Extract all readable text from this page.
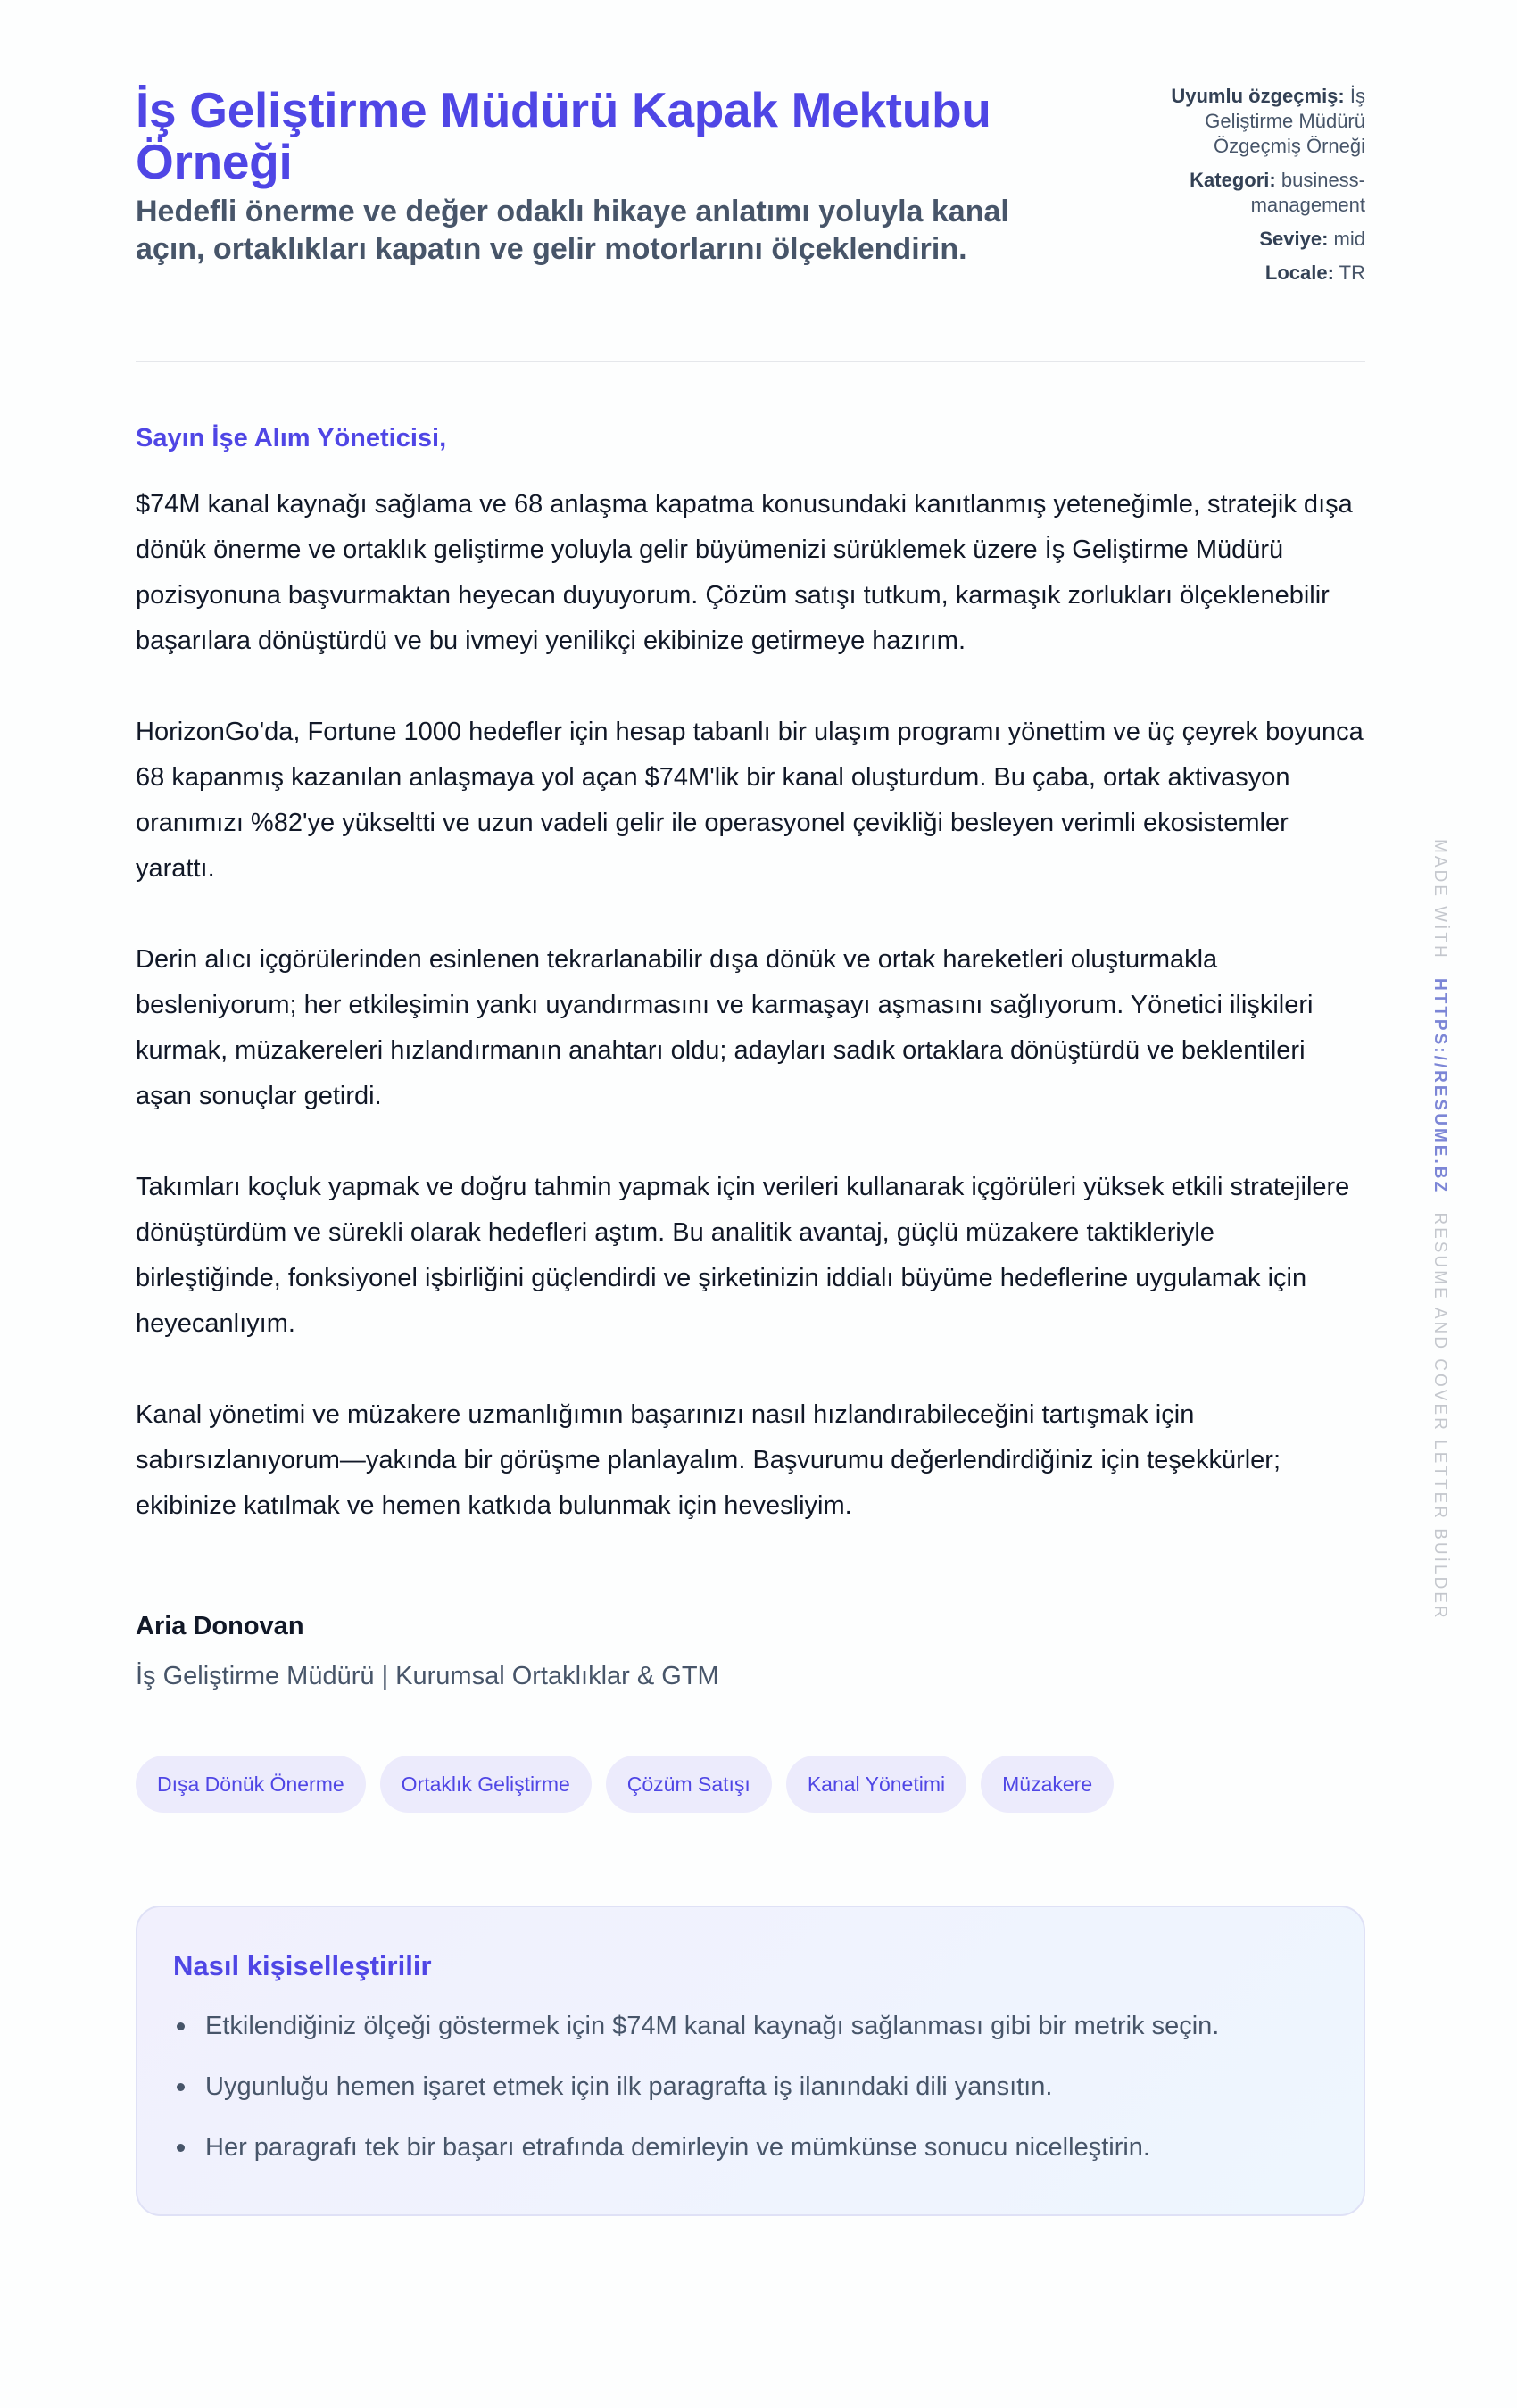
İş Geliştirme Müdürü Kapak Mektubu Örneği

Hedefli önerme ve değer odaklı hikaye anlatımı yoluyla kanal açın, ortaklıkları kapatın ve gelir motorlarını ölçeklendirin.

Uyumlu özgeçmiş: İş Geliştirme Müdürü Özgeçmiş Örneği
Kategori: business-management
Seviye: mid
Locale: TR

Sayın İşe Alım Yöneticisi,

$74M kanal kaynağı sağlama ve 68 anlaşma kapatma konusundaki kanıtlanmış yeteneğimle, stratejik dışa dönük önerme ve ortaklık geliştirme yoluyla gelir büyümenizi sürüklemek üzere İş Geliştirme Müdürü pozisyonuna başvurmaktan heyecan duyuyorum. Çözüm satışı tutkum, karmaşık zorlukları ölçeklenebilir başarılara dönüştürdü ve bu ivmeyi yenilikçi ekibinize getirmeye hazırım.

HorizonGo'da, Fortune 1000 hedefler için hesap tabanlı bir ulaşım programı yönettim ve üç çeyrek boyunca 68 kapanmış kazanılan anlaşmaya yol açan $74M'lik bir kanal oluşturdum. Bu çaba, ortak aktivasyon oranımızı %82'ye yükseltti ve uzun vadeli gelir ile operasyonel çevikliği besleyen verimli ekosistemler yarattı.

Derin alıcı içgörülerinden esinlenen tekrarlanabilir dışa dönük ve ortak hareketleri oluşturmakla besleniyorum; her etkileşimin yankı uyandırmasını ve karmaşayı aşmasını sağlıyorum. Yönetici ilişkileri kurmak, müzakereleri hızlandırmanın anahtarı oldu; adayları sadık ortaklara dönüştürdü ve beklentileri aşan sonuçlar getirdi.

Takımları koçluk yapmak ve doğru tahmin yapmak için verileri kullanarak içgörüleri yüksek etkili stratejilere dönüştürdüm ve sürekli olarak hedefleri aştım. Bu analitik avantaj, güçlü müzakere taktikleriyle birleştiğinde, fonksiyonel işbirliğini güçlendirdi ve şirketinizin iddialı büyüme hedeflerine uygulamak için heyecanlıyım.

Kanal yönetimi ve müzakere uzmanlığımın başarınızı nasıl hızlandırabileceğini tartışmak için sabırsızlanıyorum—yakında bir görüşme planlayalım. Başvurumu değerlendirdiğiniz için teşekkürler; ekibinize katılmak ve hemen katkıda bulunmak için hevesliyim.

Aria Donovan
İş Geliştirme Müdürü | Kurumsal Ortaklıklar & GTM
Dışa Dönük Önerme	Ortaklık Geliştirme	Çözüm Satışı	Kanal Yönetimi	Müzakere
Nasıl kişiselleştirilir
Etkilendiğiniz ölçeği göstermek için $74M kanal kaynağı sağlanması gibi bir metrik seçin.
Uygunluğu hemen işaret etmek için ilk paragrafta iş ilanındaki dili yansıtın.
Her paragrafı tek bir başarı etrafında demirleyin ve mümkünse sonucu nicelleştirin.
MADE WİTH HTTPS://RESUME.BZ RESUME AND COVER LETTER BUİLDER
